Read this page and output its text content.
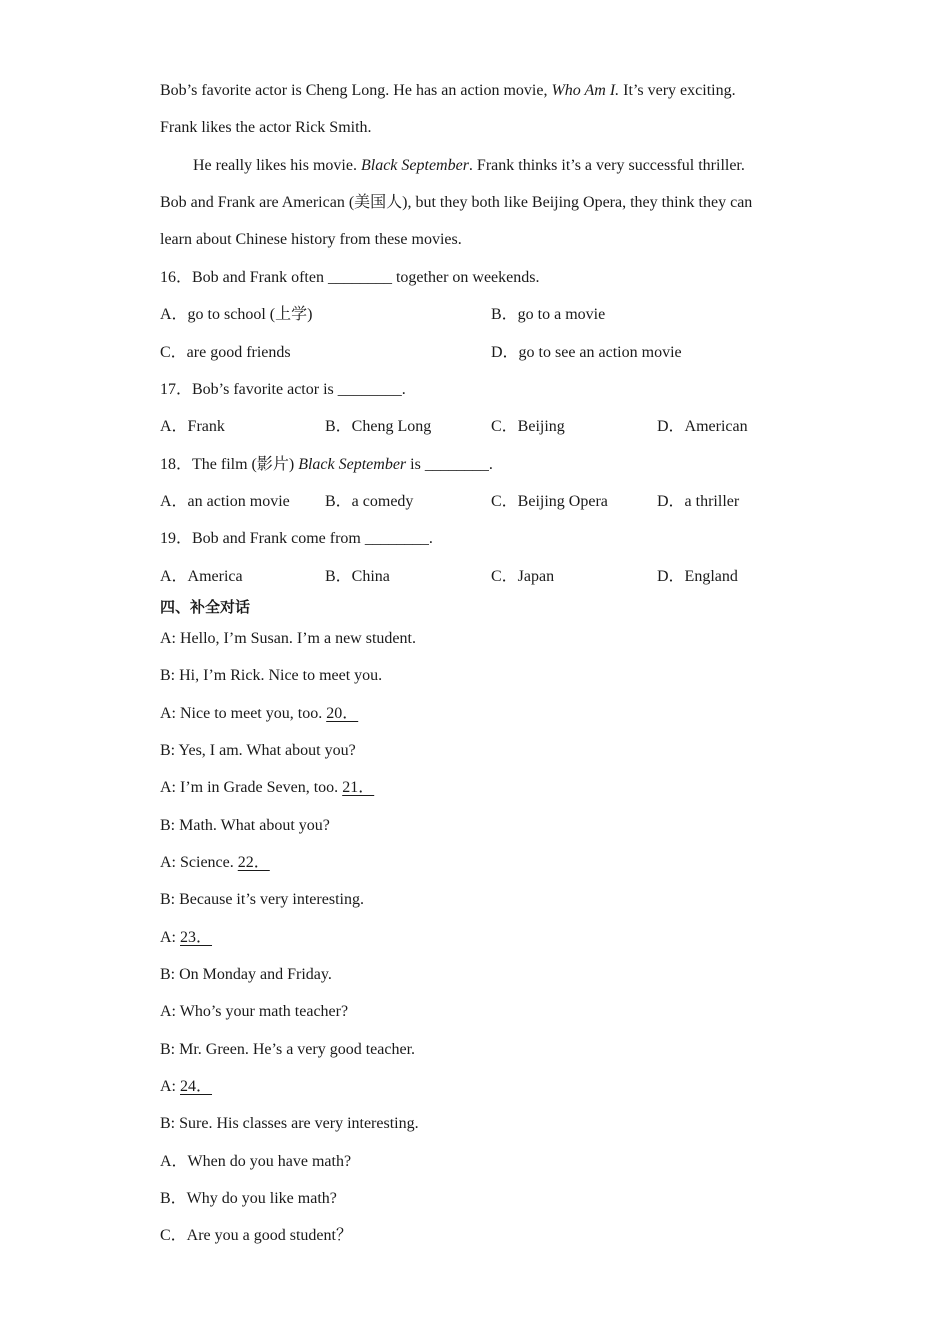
Bob’s favorite actor is Cheng Long. He has an action movie, Who Am I. It’s very exciting.
Frank likes the actor Rick Smith.
He really likes his movie. Black September. Frank thinks it’s a very successful thriller.
Bob and Frank are American (美国人), but they both like Beijing Opera, they think they can
learn about Chinese history from these movies.
16．Bob and Frank often ________ together on weekends.
A．go to school (上学)	B．go to a movie
C．are good friends	D．go to see an action movie
17．Bob’s favorite actor is ________.
A．Frank	B．Cheng Long	C．Beijing	D．American
18．The film (影片) Black September is ________.
A．an action movie B．a comedy	C．Beijing Opera	D．a thriller
19．Bob and Frank come from ________.
A．America	B．China	C．Japan	D．England
四、补全对话
A: Hello, I’m Susan. I’m a new student.
B: Hi, I’m Rick. Nice to meet you.
A: Nice to meet you, too. 20．
B: Yes, I am. What about you?
A: I’m in Grade Seven, too. 21．
B: Math. What about you?
A: Science. 22．
B: Because it’s very interesting.
A: 23．
B: On Monday and Friday.
A: Who’s your math teacher?
B: Mr. Green. He’s a very good teacher.
A: 24．
B: Sure. His classes are very interesting.
A．When do you have math?
B．Why do you like math?
C．Are you a good student？
